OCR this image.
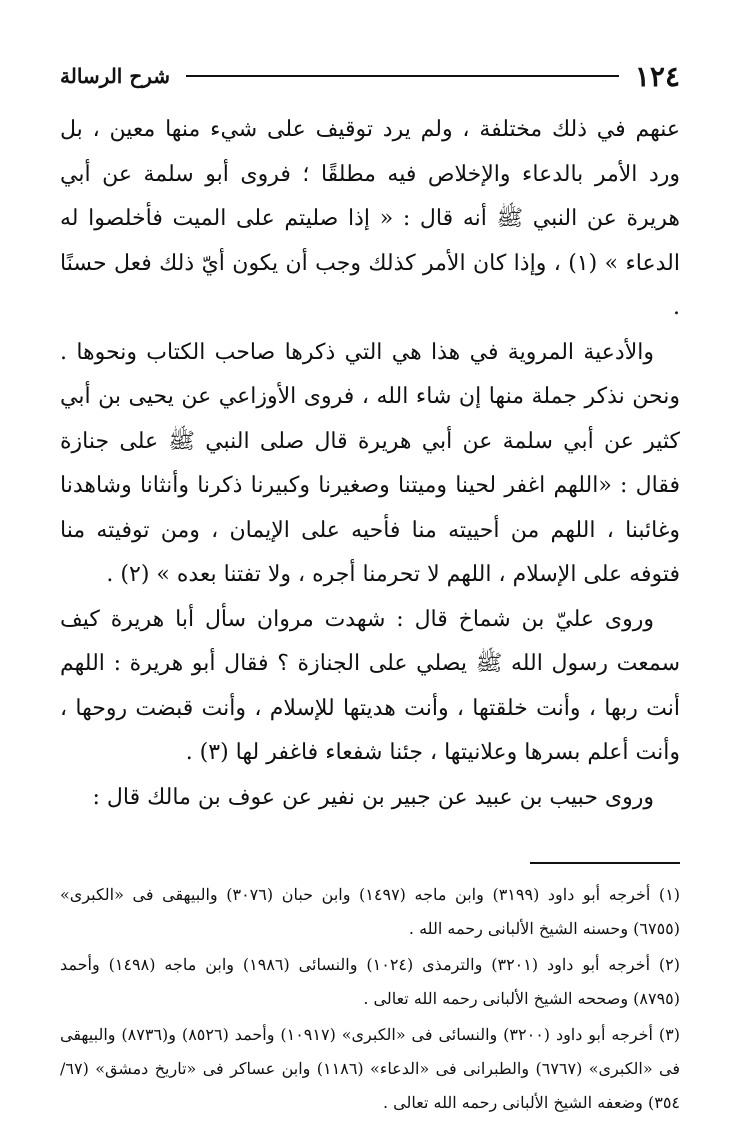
١٢٤
شرح الرسالة

عنهم في ذلك مختلفة ، ولم يرد توقيف على شيء منها معين ، بل ورد الأمر بالدعاء والإخلاص فيه مطلقًا ؛ فروى أبو سلمة عن أبي هريرة عن النبي ﷺ أنه قال : « إذا صليتم على الميت فأخلصوا له الدعاء » (١) ، وإذا كان الأمر كذلك وجب أن يكون أيّ ذلك فعل حسنًا .

والأدعية المروية في هذا هي التي ذكرها صاحب الكتاب ونحوها . ونحن نذكر جملة منها إن شاء الله ، فروى الأوزاعي عن يحيى بن أبي كثير عن أبي سلمة عن أبي هريرة قال صلى النبي ﷺ على جنازة فقال : «اللهم اغفر لحينا وميتنا وصغيرنا وكبيرنا ذكرنا وأنثانا وشاهدنا وغائبنا ، اللهم من أحييته منا فأحيه على الإيمان ، ومن توفيته منا فتوفه على الإسلام ، اللهم لا تحرمنا أجره ، ولا تفتنا بعده » (٢) .

وروى عليّ بن شماخ قال : شهدت مروان سأل أبا هريرة كيف سمعت رسول الله ﷺ يصلي على الجنازة ؟ فقال أبو هريرة : اللهم أنت ربها ، وأنت خلقتها ، وأنت هديتها للإسلام ، وأنت قبضت روحها ، وأنت أعلم بسرها وعلانيتها ، جئنا شفعاء فاغفر لها (٣) .

وروى حبيب بن عبيد عن جبير بن نفير عن عوف بن مالك قال :

(١) أخرجه أبو داود (٣١٩٩) وابن ماجه (١٤٩٧) وابن حبان (٣٠٧٦) والبيهقى فى «الكبرى» (٦٧٥٥) وحسنه الشيخ الألبانى رحمه الله .

(٢) أخرجه أبو داود (٣٢٠١) والترمذى (١٠٢٤) والنسائى (١٩٨٦) وابن ماجه (١٤٩٨) وأحمد (٨٧٩٥) وصححه الشيخ الألبانى رحمه الله تعالى .

(٣) أخرجه أبو داود (٣٢٠٠) والنسائى فى «الكبرى» (١٠٩١٧) وأحمد (٨٥٢٦) و(٨٧٣٦) والبيهقى فى «الكبرى» (٦٧٦٧) والطبرانى فى «الدعاء» (١١٨٦) وابن عساكر فى «تاريخ دمشق» (٦٧/ ٣٥٤) وضعفه الشيخ الألبانى رحمه الله تعالى .
